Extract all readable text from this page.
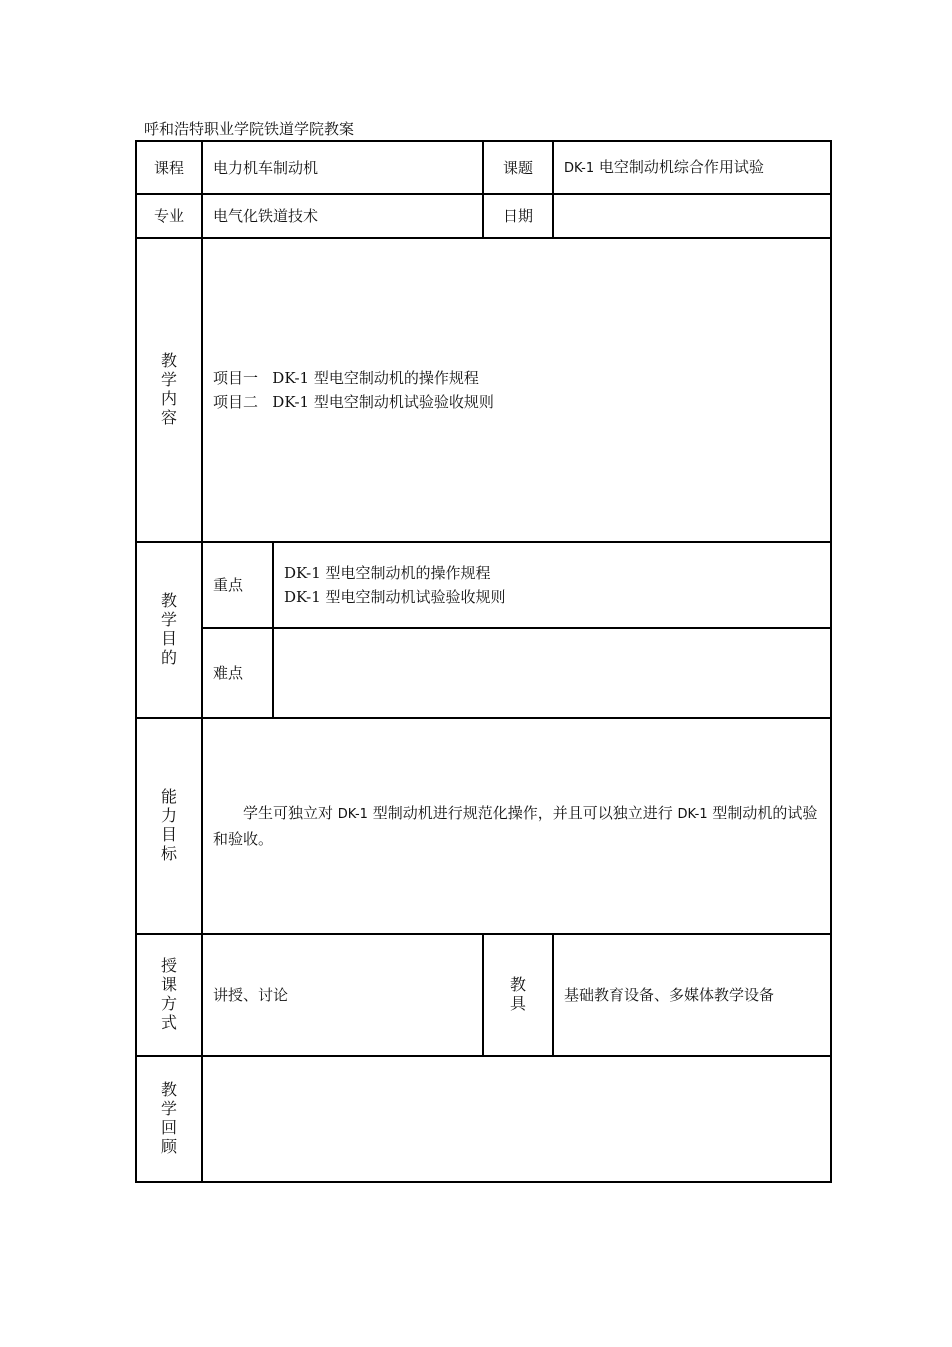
呼和浩特职业学院铁道学院教案
课程	电力机车制动机		课题	DK-1 电空制动机综合作用试验
专业	电气化铁道技术		日期	
教学内容	项目一   DK-1 型电空制动机的操作规程
项目二   DK-1 型电空制动机试验验收规则			

教学目的	重点	DK-1 型电空制动机的操作规程
DK-1 型电空制动机试验验收规则		

	难点			
能力目标	学生可独立对 DK-1 型制动机进行规范化操作，并且可以独立进行 DK-1 型制动机的试验和验收。			
授课方式	讲授、讨论		教具	基础教育设备、多媒体教学设备
教学回顾				
